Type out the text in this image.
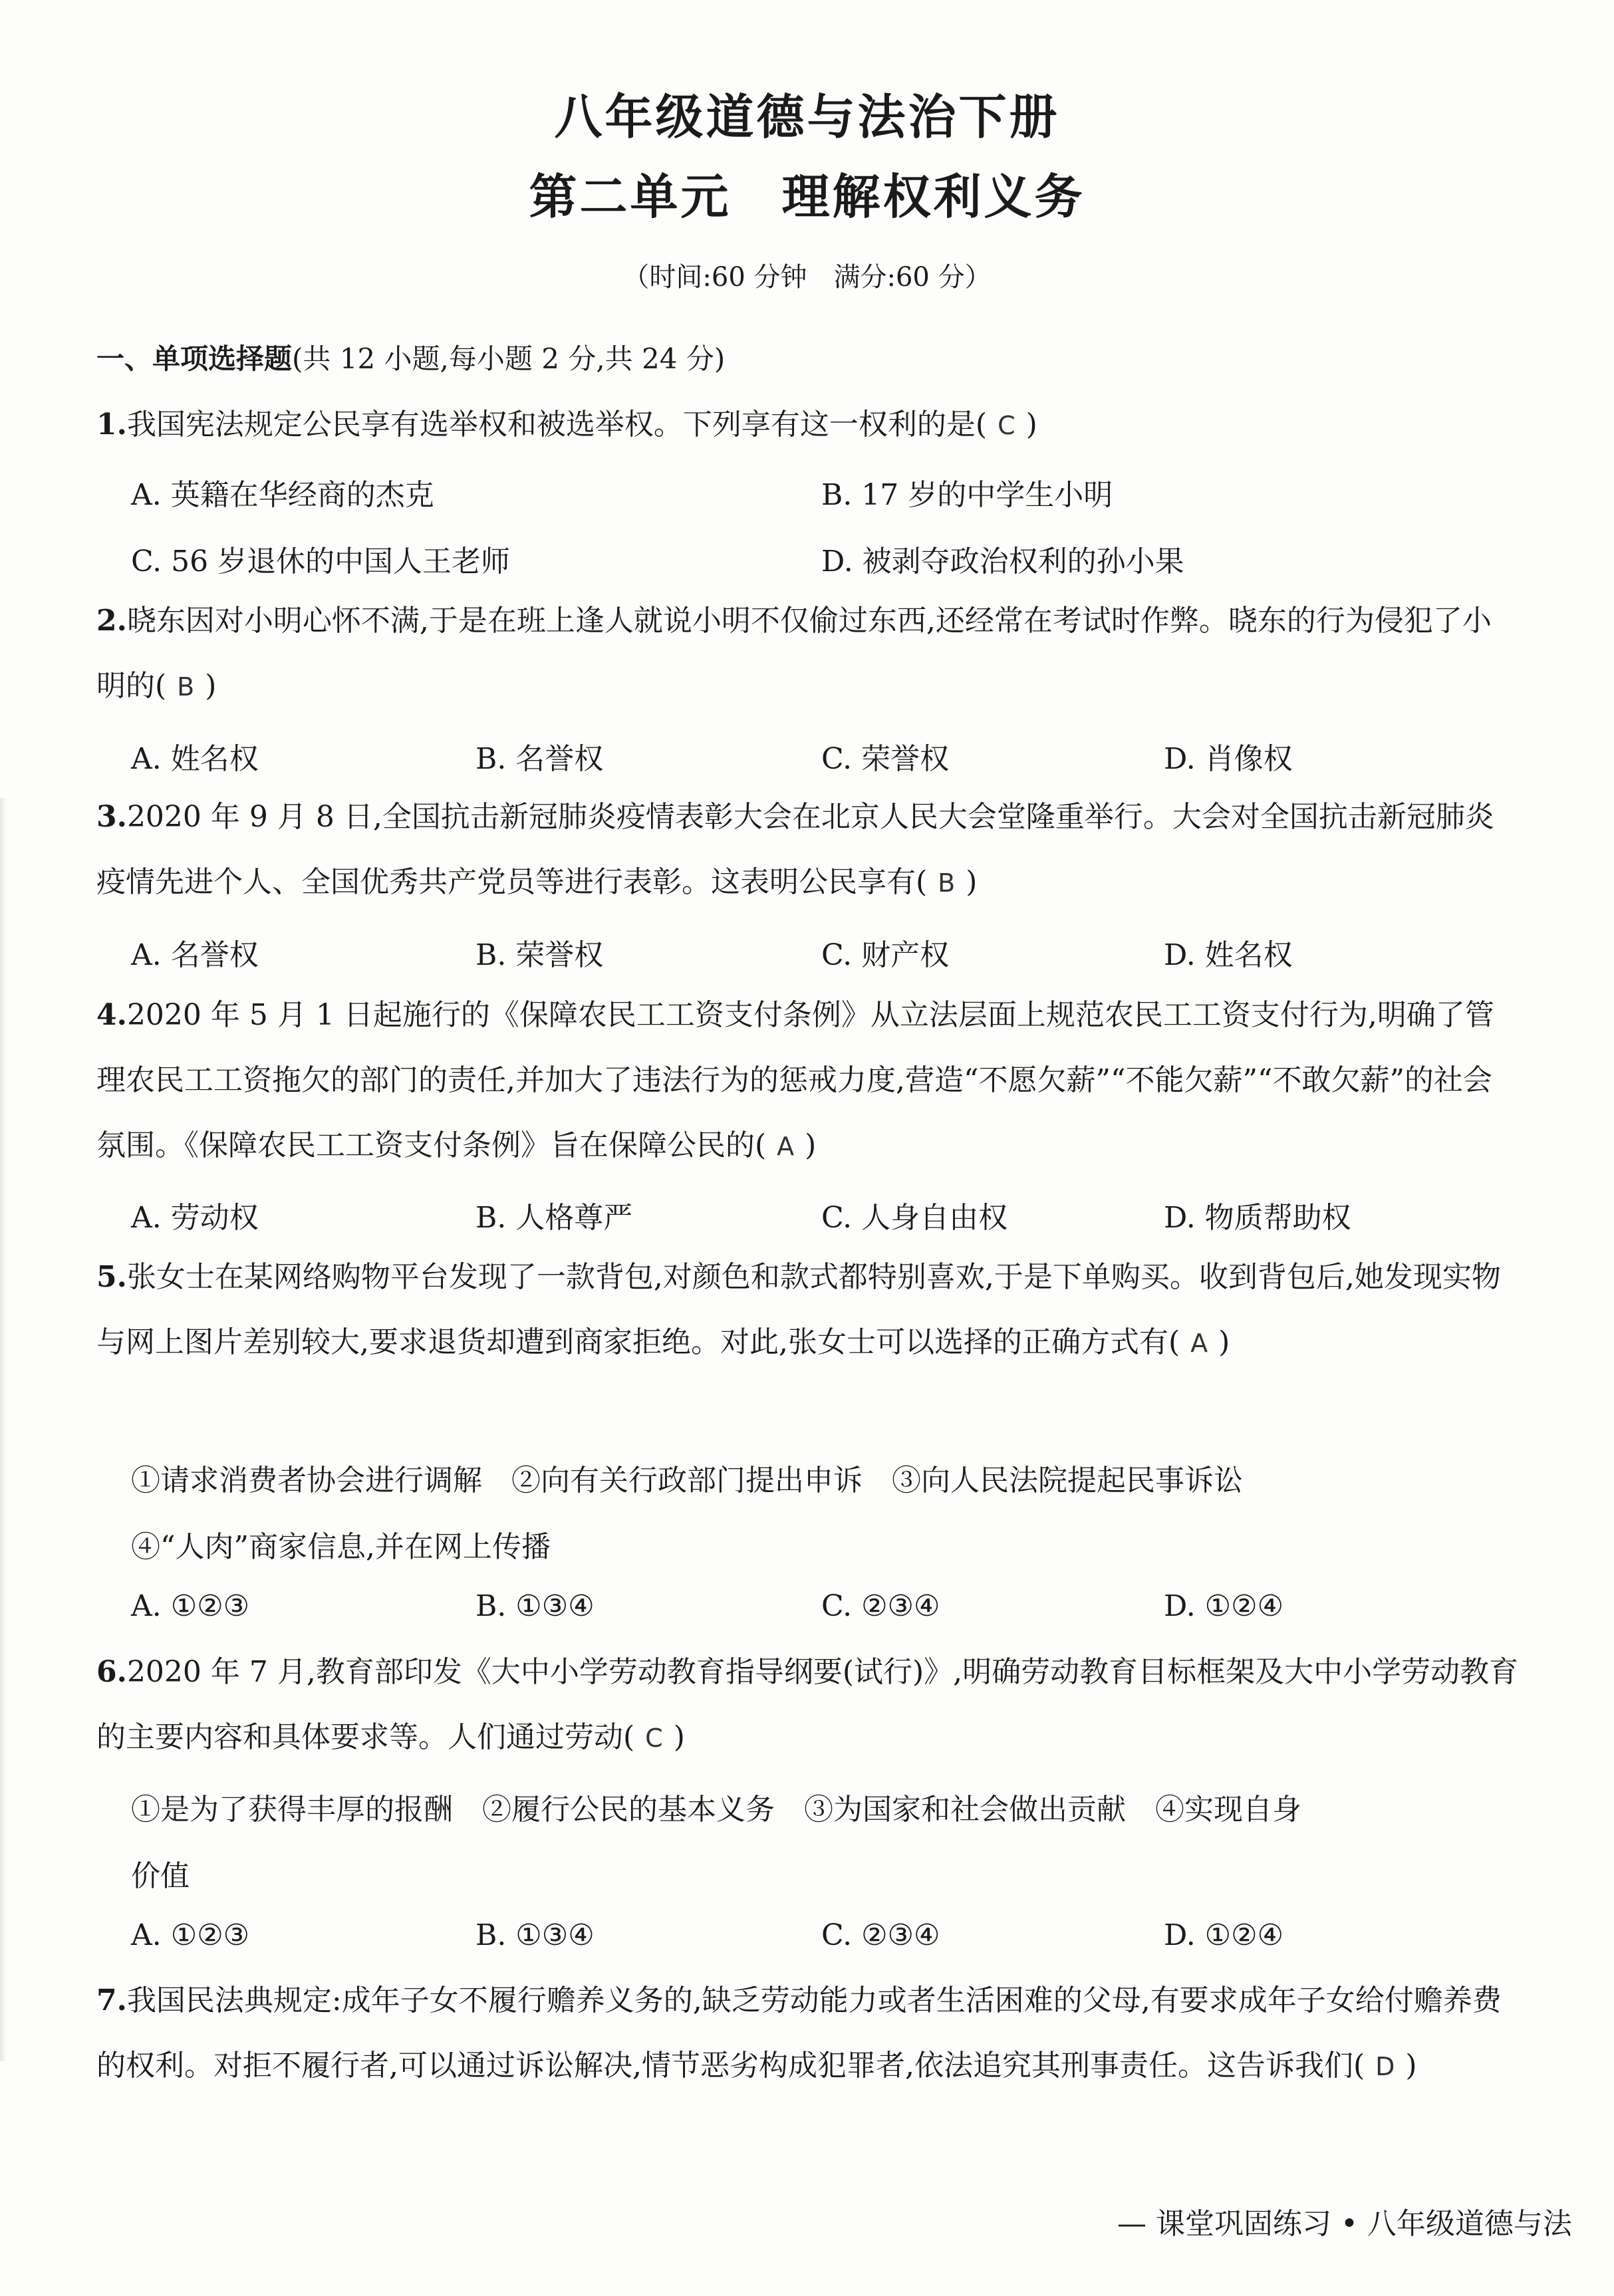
八年级道德与法治下册
第二单元　理解权利义务
（时间:60 分钟　满分:60 分）
一、单项选择题(共 12 小题,每小题 2 分,共 24 分)
1.我国宪法规定公民享有选举权和被选举权。下列享有这一权利的是( C )
A. 英籍在华经商的杰克	B. 17 岁的中学生小明
C. 56 岁退休的中国人王老师	D. 被剥夺政治权利的孙小果
2.晓东因对小明心怀不满,于是在班上逢人就说小明不仅偷过东西,还经常在考试时作弊。晓东的行为侵犯了小明的( B )
A. 姓名权	B. 名誉权	C. 荣誉权	D. 肖像权
3.2020 年 9 月 8 日,全国抗击新冠肺炎疫情表彰大会在北京人民大会堂隆重举行。大会对全国抗击新冠肺炎疫情先进个人、全国优秀共产党员等进行表彰。这表明公民享有( B )
A. 名誉权	B. 荣誉权	C. 财产权	D. 姓名权
4.2020 年 5 月 1 日起施行的《保障农民工工资支付条例》从立法层面上规范农民工工资支付行为,明确了管理农民工工资拖欠的部门的责任,并加大了违法行为的惩戒力度,营造“不愿欠薪”“不能欠薪”“不敢欠薪”的社会氛围。《保障农民工工资支付条例》旨在保障公民的( A )
A. 劳动权	B. 人格尊严	C. 人身自由权	D. 物质帮助权
5.张女士在某网络购物平台发现了一款背包,对颜色和款式都特别喜欢,于是下单购买。收到背包后,她发现实物与网上图片差别较大,要求退货却遭到商家拒绝。对此,张女士可以选择的正确方式有( A )
①请求消费者协会进行调解　②向有关行政部门提出申诉　③向人民法院提起民事诉讼
④“人肉”商家信息,并在网上传播
A. ①②③	B. ①③④	C. ②③④	D. ①②④
6.2020 年 7 月,教育部印发《大中小学劳动教育指导纲要(试行)》,明确劳动教育目标框架及大中小学劳动教育的主要内容和具体要求等。人们通过劳动( C )
①是为了获得丰厚的报酬　②履行公民的基本义务　③为国家和社会做出贡献　④实现自身
价值
A. ①②③	B. ①③④	C. ②③④	D. ①②④
7.我国民法典规定:成年子女不履行赡养义务的,缺乏劳动能力或者生活困难的父母,有要求成年子女给付赡养费的权利。对拒不履行者,可以通过诉讼解决,情节恶劣构成犯罪者,依法追究其刑事责任。这告诉我们( D )
— 课堂巩固练习 • 八年级道德与法
